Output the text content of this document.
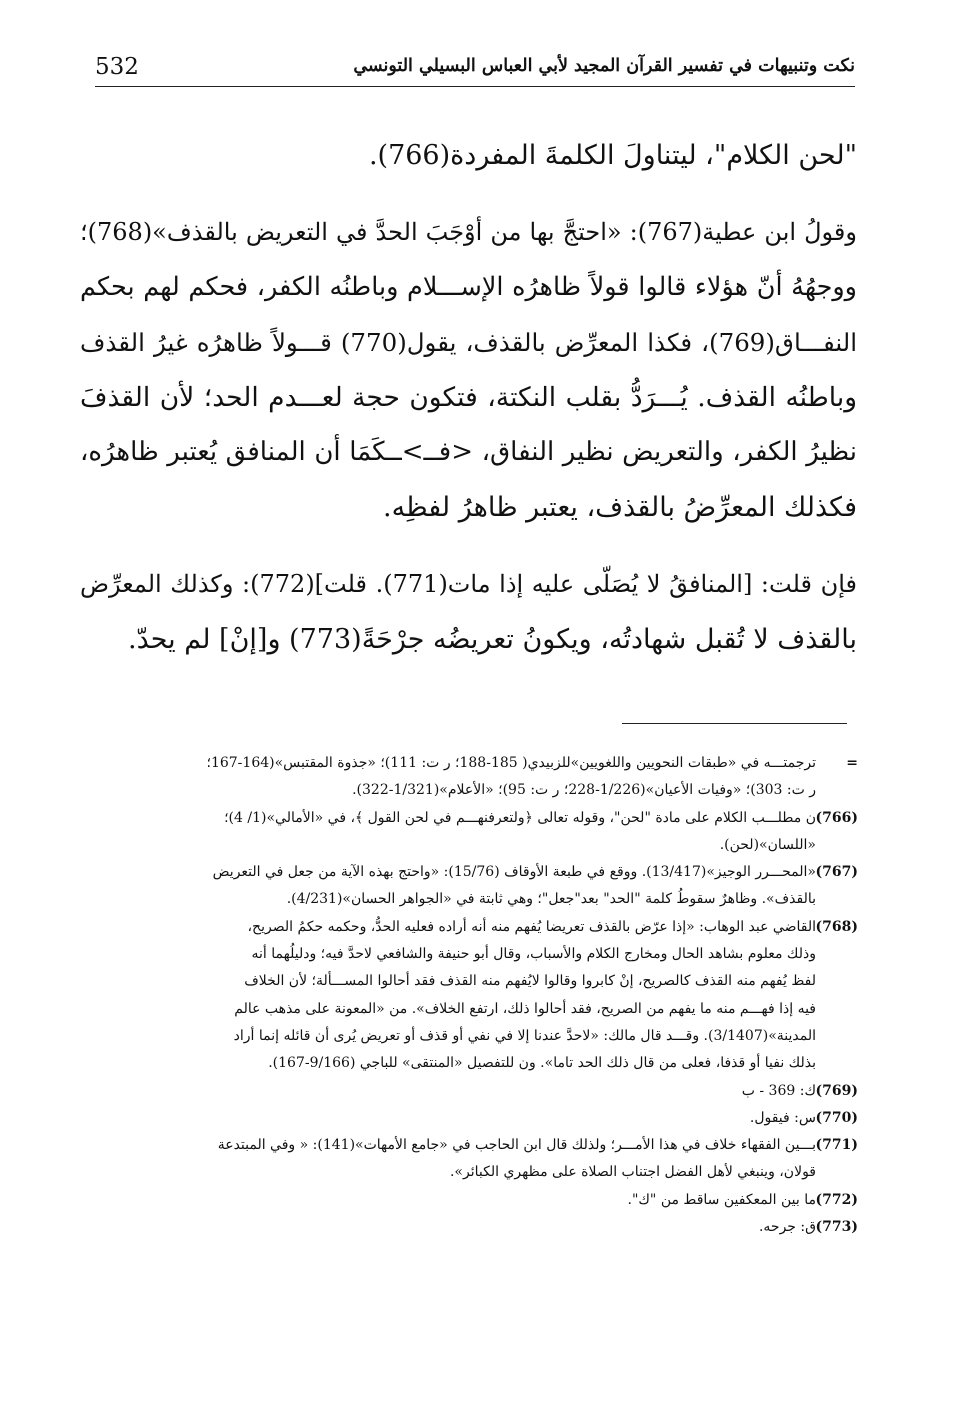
532	نكت وتنبيهات في تفسير القرآن المجيد لأبي العباس البسيلي التونسي
"لحن الكلام"، ليتناولَ الكلمةَ المفردة(766).
وقولُ ابن عطية(767): «احتجَّ بها من أوْجَبَ الحدَّ في التعريض بالقذف»(768)؛
ووجهُهُ أنّ هؤلاء قالوا قولاً ظاهرُه الإســـلام وباطنُه الكفر، فحكم لهم بحكم
النفـــاق(769)، فكذا المعرِّض بالقذف، يقول(770) قـــولاً ظاهرُه غيرُ القذف
وباطنُه القذف. يُـــرَدُّ بقلب النكتة، فتكون حجة لعـــدم الحد؛ لأن القذفَ
نظيرُ الكفر، والتعريض نظير النفاق، <فــ>ــكَمَا أن المنافق يُعتبر ظاهرُه،
فكذلك المعرِّضُ بالقذف، يعتبر ظاهرُ لفظِه.
فإن قلت: [المنافقُ لا يُصَلّى عليه إذا مات(771). قلت](772): وكذلك المعرِّض
بالقذف لا تُقبل شهادتُه، ويكونُ تعريضُه جرْحَةً(773) و[إنْ] لم يحدّ.
=
ترجمتـــه في «طبقات النحويين واللغويين»للزبيدي( 185-188؛ ر ت: 111)؛ «جذوة المقتبس»(164-167؛
ر ت: 303)؛ «وفيات الأعيان»(1/226-228؛ ر ت: 95)؛ «الأعلام»(1/321-322).
(766)
ن مطلـــب الكلام على مادة "لحن"، وقوله تعالى ﴿ولتعرفنهـــم في لحن القول ﴾، في «الأمالي»(1/ 4)؛
«اللسان»(لحن).
(767)
«المحـــرر الوجيز»(13/417). ووقع في طبعة الأوقاف (15/76): «واحتج بهذه الآية من جعل في التعريض
بالقذف». وظاهرٌ سقوطُ كلمة "الحد" بعد"جعل"؛ وهي ثابتة في «الجواهر الحسان»(4/231).
(768)
القاضي عبد الوهاب: «إذا عرّض بالقذف تعريضا يُفهم منه أنه أراده فعليه الحدُّ، وحكمه حكمُ الصريح،
وذلك معلوم بشاهد الحال ومخارج الكلام والأسباب، وقال أبو حنيفة والشافعي لاحدَّ فيه؛ ودليلُهما أنه
لفظ يُفهم منه القذف كالصريح، إنْ كابروا وقالوا لايُفهم منه القذف فقد أحالوا المســـألة؛ لأن الخلاف
فيه إذا فهـــم منه ما يفهم من الصريح، فقد أحالوا ذلك، ارتفع الخلاف». من «المعونة على مذهب عالم
المدينة»(3/1407). وقـــد قال مالك: «لاحدَّ عندنا إلا في نفي أو قذف أو تعريض يُرى أن قائله إنما أراد
بذلك نفيا أو قذفا، فعلى من قال ذلك الحد تاما». ون للتفصيل «المنتقى» للباجي (9/166-167).
(769)
ك: 369 - ب
(770)
س: فيقول.
(771)
بـــين الفقهاء خلاف في هذا الأمـــر؛ ولذلك قال ابن الحاجب في «جامع الأمهات»(141): « وفي المبتدعة
قولان، وينبغي لأهل الفضل اجتناب الصلاة على مظهري الكبائر».
(772)
ما بين المعكفين ساقط من "ك".
(773)
ق: جرحه.
